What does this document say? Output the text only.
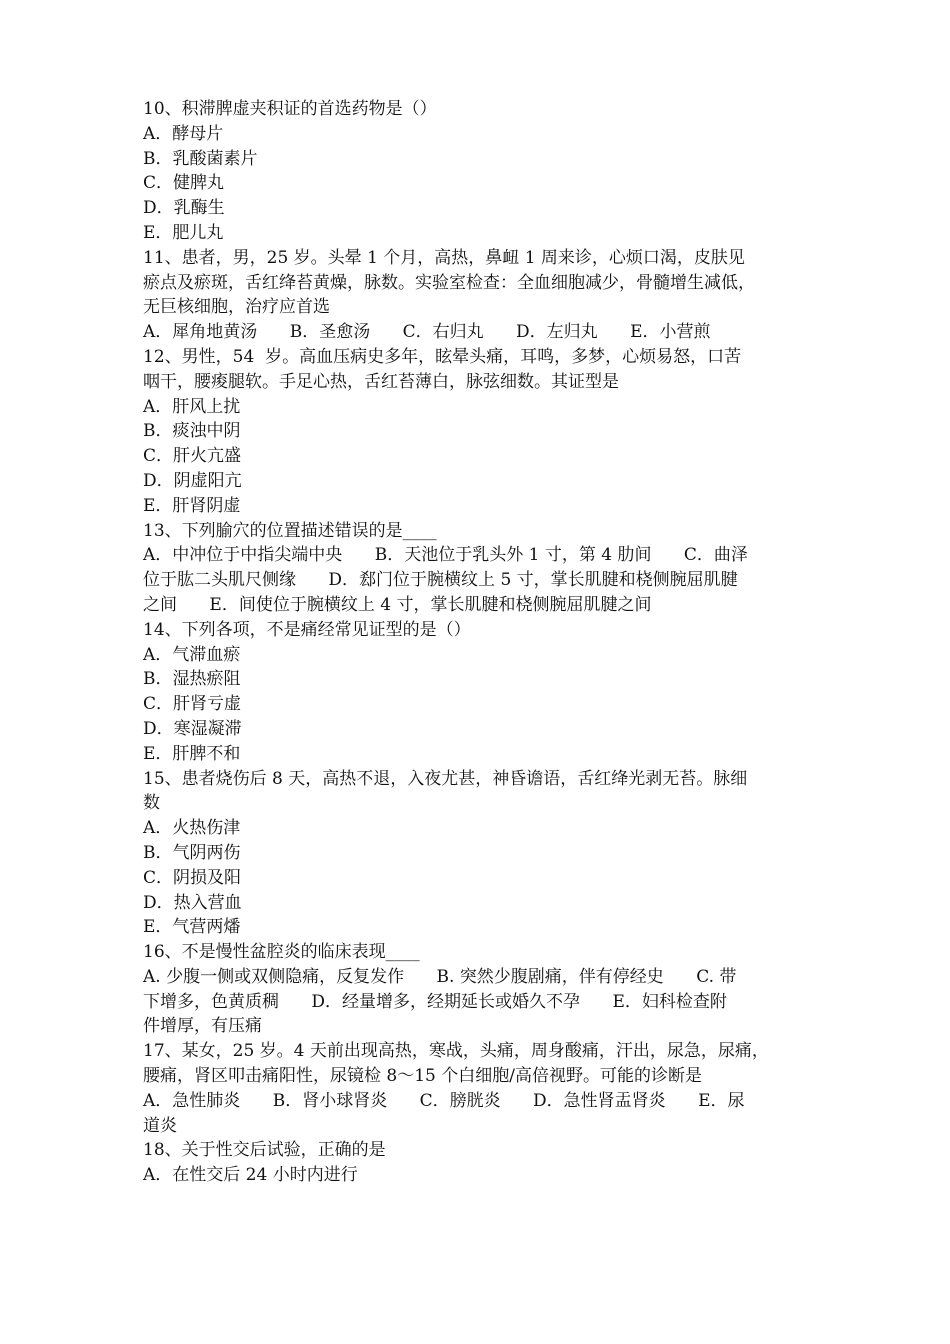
10、积滞脾虚夹积证的首选药物是（）
A．酵母片
B．乳酸菌素片
C．健脾丸
D．乳酶生
E．肥儿丸
11、患者，男，25 岁。头晕 1 个月，高热，鼻衄 1 周来诊，心烦口渴，皮肤见
瘀点及瘀斑，舌红绛苔黄燥，脉数。实验室检查：全血细胞减少，骨髓增生减低，
无巨核细胞，治疗应首选
A．犀角地黄汤      B．圣愈汤      C．右归丸      D．左归丸      E．小营煎
12、男性，54  岁。高血压病史多年，眩晕头痛，耳鸣，多梦，心烦易怒，口苦
咽干，腰痠腿软。手足心热，舌红苔薄白，脉弦细数。其证型是
A．肝风上扰
B．痰浊中阴
C．肝火亢盛
D．阴虚阳亢
E．肝肾阴虚
13、下列腧穴的位置描述错误的是____
A．中冲位于中指尖端中央      B．天池位于乳头外 1 寸，第 4 肋间      C．曲泽
位于肱二头肌尺侧缘      D．郄门位于腕横纹上 5 寸，掌长肌腱和桡侧腕屈肌腱
之间      E．间使位于腕横纹上 4 寸，掌长肌腱和桡侧腕屈肌腱之间
14、下列各项，不是痛经常见证型的是（）
A．气滞血瘀
B．湿热瘀阻
C．肝肾亏虚
D．寒湿凝滞
E．肝脾不和
15、患者烧伤后 8 天，高热不退，入夜尤甚，神昏谵语，舌红绛光剥无苔。脉细
数
A．火热伤津
B．气阴两伤
C．阴损及阳
D．热入营血
E．气营两燔
16、不是慢性盆腔炎的临床表现____
A. 少腹一侧或双侧隐痛，反复发作      B. 突然少腹剧痛，伴有停经史      C. 带
下增多，色黄质稠      D．经量增多，经期延长或婚久不孕      E．妇科检查附
件增厚，有压痛
17、某女，25 岁。4 天前出现高热，寒战，头痛，周身酸痛，汗出，尿急，尿痛，
腰痛，肾区叩击痛阳性，尿镜检 8～15 个白细胞/高倍视野。可能的诊断是
A．急性肺炎      B．肾小球肾炎      C．膀胱炎      D．急性肾盂肾炎      E．尿
道炎
18、关于性交后试验，正确的是
A．在性交后 24 小时内进行
